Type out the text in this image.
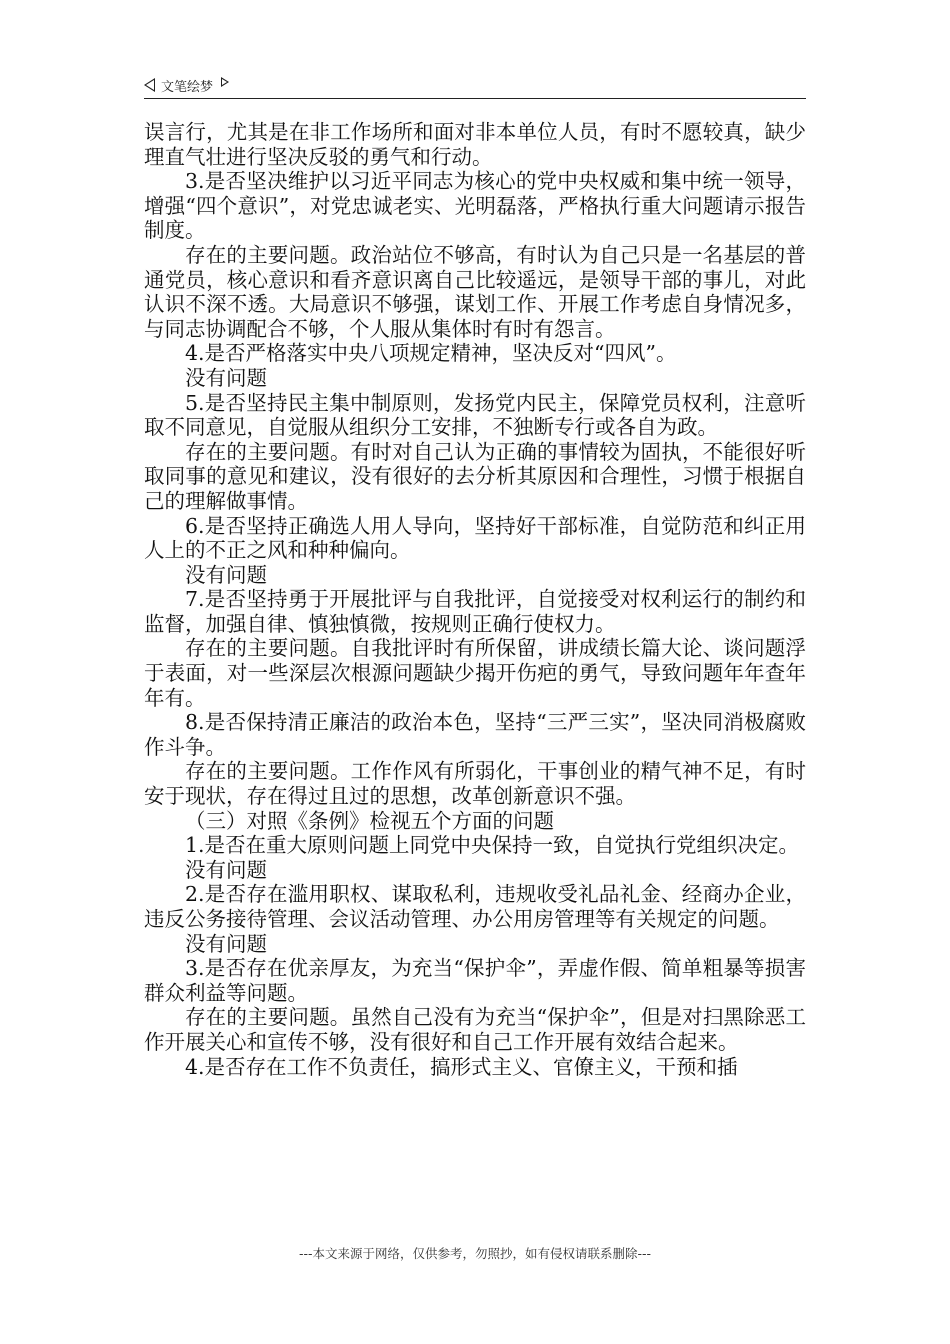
文笔绘梦

误言行，尤其是在非工作场所和面对非本单位人员，有时不愿较真，缺少理直气壮进行坚决反驳的勇气和行动。

3.是否坚决维护以习近平同志为核心的党中央权威和集中统一领导，增强“四个意识”，对党忠诚老实、光明磊落，严格执行重大问题请示报告制度。

存在的主要问题。政治站位不够高，有时认为自己只是一名基层的普通党员，核心意识和看齐意识离自己比较遥远，是领导干部的事儿，对此认识不深不透。大局意识不够强，谋划工作、开展工作考虑自身情况多，与同志协调配合不够，个人服从集体时有时有怨言。

4.是否严格落实中央八项规定精神，坚决反对“四风”。

没有问题

5.是否坚持民主集中制原则，发扬党内民主，保障党员权利，注意听取不同意见，自觉服从组织分工安排，不独断专行或各自为政。

存在的主要问题。有时对自己认为正确的事情较为固执，不能很好听取同事的意见和建议，没有很好的去分析其原因和合理性，习惯于根据自己的理解做事情。

6.是否坚持正确选人用人导向，坚持好干部标准，自觉防范和纠正用人上的不正之风和种种偏向。

没有问题

7.是否坚持勇于开展批评与自我批评，自觉接受对权利运行的制约和监督，加强自律、慎独慎微，按规则正确行使权力。

存在的主要问题。自我批评时有所保留，讲成绩长篇大论、谈问题浮于表面，对一些深层次根源问题缺少揭开伤疤的勇气，导致问题年年查年年有。

8.是否保持清正廉洁的政治本色，坚持“三严三实”，坚决同消极腐败作斗争。

存在的主要问题。工作作风有所弱化，干事创业的精气神不足，有时安于现状，存在得过且过的思想，改革创新意识不强。

（三）对照《条例》检视五个方面的问题

1.是否在重大原则问题上同党中央保持一致，自觉执行党组织决定。

没有问题

2.是否存在滥用职权、谋取私利，违规收受礼品礼金、经商办企业，违反公务接待管理、会议活动管理、办公用房管理等有关规定的问题。

没有问题

3.是否存在优亲厚友，为充当“保护伞”，弄虚作假、简单粗暴等损害群众利益等问题。

存在的主要问题。虽然自己没有为充当“保护伞”，但是对扫黑除恶工作开展关心和宣传不够，没有很好和自己工作开展有效结合起来。

4.是否存在工作不负责任，搞形式主义、官僚主义，干预和插

---本文来源于网络，仅供参考，勿照抄，如有侵权请联系删除---
